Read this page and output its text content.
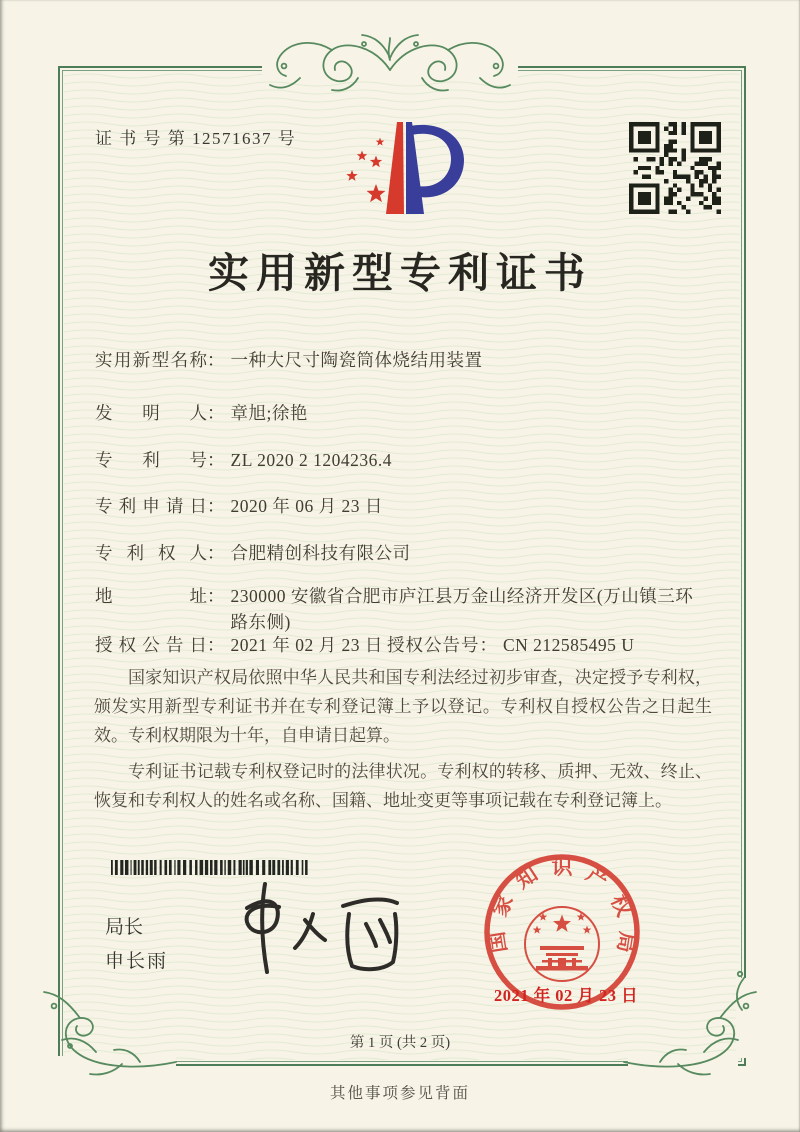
证 书 号 第 12571637 号
实用新型专利证书
实用新型名称： 一种大尺寸陶瓷筒体烧结用装置
发明人： 章旭;徐艳
专利号： ZL 2020 2 1204236.4
专利申请日： 2020 年 06 月 23 日
专利权人： 合肥精创科技有限公司
地址： 230000 安徽省合肥市庐江县万金山经济开发区(万山镇三环路东侧)
授权公告日： 2021 年 02 月 23 日 授权公告号： CN 212585495 U

国家知识产权局依照中华人民共和国专利法经过初步审查，决定授予专利权，颁发实用新型专利证书并在专利登记簿上予以登记。专利权自授权公告之日起生效。专利权期限为十年，自申请日起算。

专利证书记载专利权登记时的法律状况。专利权的转移、质押、无效、终止、恢复和专利权人的姓名或名称、国籍、地址变更等事项记载在专利登记簿上。

局长
申长雨
国
家
知 识 产
权
局
2021 年 02 月 23 日
第 1 页 (共 2 页)
其他事项参见背面
